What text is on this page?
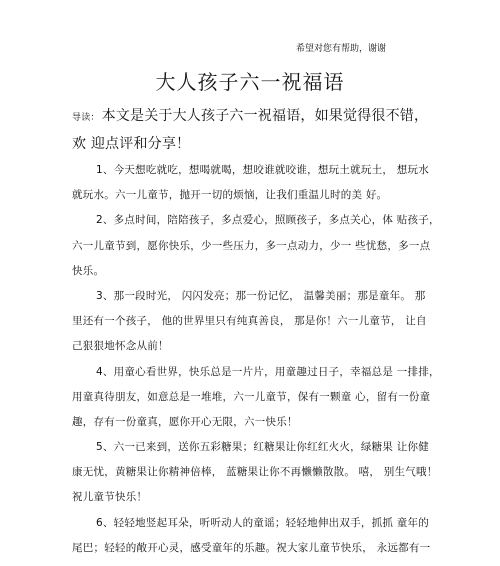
希望对您有帮助，谢谢
大人孩子六一祝福语
导读： 本文是关于大人孩子六一祝福语，如果觉得很不错，
欢 迎点评和分享！
1、今天想吃就吃，想喝就喝，想咬谁就咬谁，想玩土就玩土， 想玩水
就玩水。六一儿童节，抛开一切的烦恼，让我们重温儿时的美 好。
2、多点时间，陪陪孩子，多点爱心，照顾孩子，多点关心，体 贴孩子，
六一儿童节到，愿你快乐，少一些压力，多一点动力，少一 些忧愁，多一点
快乐。
3、那一段时光， 闪闪发亮；那一份记忆， 温馨美丽；那是童年。 那
里还有一个孩子， 他的世界里只有纯真善良， 那是你！六一儿童节， 让自
己狠狠地怀念从前！
4、用童心看世界，快乐总是一片片，用童趣过日子，幸福总是 一排排，
用童真待朋友，如意总是一堆堆，六一儿童节，保有一颗童 心，留有一份童
趣，存有一份童真，愿你开心无限，六一快乐！
5、六一已来到，送你五彩糖果；红糖果让你红红火火，绿糖果 让你健
康无忧，黄糖果让你精神倍棒， 蓝糖果让你不再懒懒散散。 嘻， 别生气哦！
祝儿童节快乐！
6、轻轻地竖起耳朵，听听动人的童谣；轻轻地伸出双手，抓抓 童年的
尾巴；轻轻的敞开心灵，感受童年的乐趣。祝大家儿童节快乐， 永远都有一
